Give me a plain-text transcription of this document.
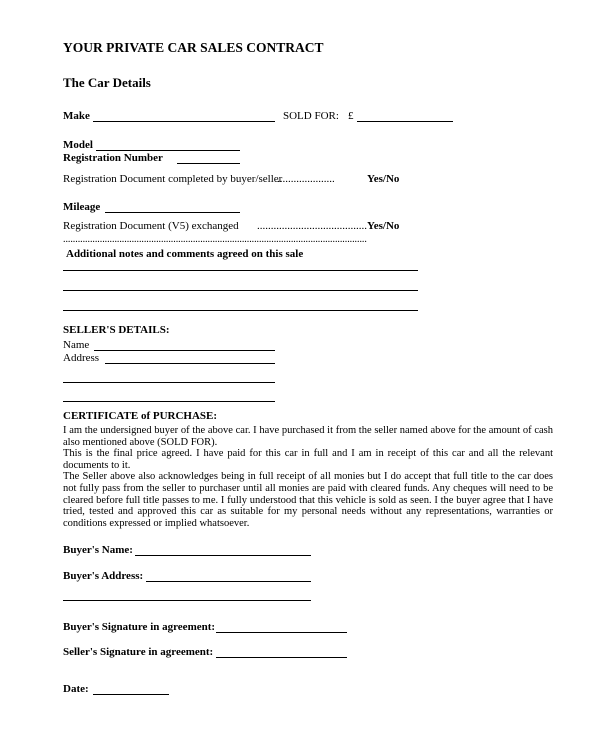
YOUR PRIVATE CAR SALES CONTRACT
The Car Details
Make	SOLD FOR: £
Model
Registration Number
Registration Document completed by buyer/seller
.....................	Yes/No
Mileage
Registration Document (V5) exchanged ........................................ Yes/No
............................................................................................................................
Additional notes and comments agreed on this sale
SELLER'S DETAILS:
Name
Address
CERTIFICATE of PURCHASE:

I am the undersigned buyer of the above car. I have purchased it from the seller named above for the amount of cash also mentioned above (SOLD FOR).

This is the final price agreed. I have paid for this car in full and I am in receipt of this car and all the relevant documents to it.

The Seller above also acknowledges being in full receipt of all monies but I do accept that full title to the car does not fully pass from the seller to purchaser until all monies are paid with cleared funds. Any cheques will need to be cleared before full title passes to me. I fully understood that this vehicle is sold as seen. I the buyer agree that I have tried, tested and approved this car as suitable for my personal needs without any representations, warranties or conditions expressed or implied whatsoever.

Buyer's Name:
Buyer's Address:
Buyer's Signature in agreement:
Seller's Signature in agreement:
Date:
